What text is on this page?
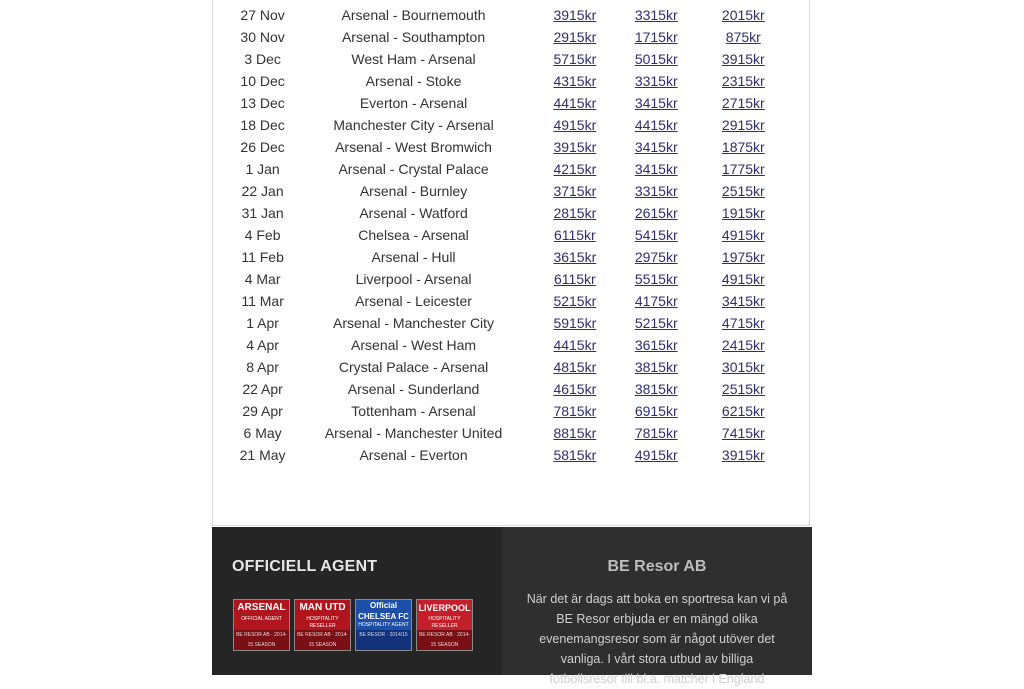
27 Nov	Arsenal - Bournemouth	3915kr	3315kr	2015kr
30 Nov	Arsenal - Southampton	2915kr	1715kr	875kr
3 Dec	West Ham - Arsenal	5715kr	5015kr	3915kr
10 Dec	Arsenal - Stoke	4315kr	3315kr	2315kr
13 Dec	Everton - Arsenal	4415kr	3415kr	2715kr
18 Dec	Manchester City - Arsenal	4915kr	4415kr	2915kr
26 Dec	Arsenal - West Bromwich	3915kr	3415kr	1875kr
1 Jan	Arsenal - Crystal Palace	4215kr	3415kr	1775kr
22 Jan	Arsenal - Burnley	3715kr	3315kr	2515kr
31 Jan	Arsenal - Watford	2815kr	2615kr	1915kr
4 Feb	Chelsea - Arsenal	6115kr	5415kr	4915kr
11 Feb	Arsenal - Hull	3615kr	2975kr	1975kr
4 Mar	Liverpool - Arsenal	6115kr	5515kr	4915kr
11 Mar	Arsenal - Leicester	5215kr	4175kr	3415kr
1 Apr	Arsenal - Manchester City	5915kr	5215kr	4715kr
4 Apr	Arsenal - West Ham	4415kr	3615kr	2415kr
8 Apr	Crystal Palace - Arsenal	4815kr	3815kr	3015kr
22 Apr	Arsenal - Sunderland	4615kr	3815kr	2515kr
29 Apr	Tottenham - Arsenal	7815kr	6915kr	6215kr
6 May	Arsenal - Manchester United	8815kr	7815kr	7415kr
21 May	Arsenal - Everton	5815kr	4915kr	3915kr
OFFICIELL AGENT
ARSENAL
OFFICIAL AGENT
BE RESOR AB · 2014-15 SEASON
MAN UTD
HOSPITALITY RESELLER
BE RESOR AB · 2014-15 SEASON
Official CHELSEA FC
HOSPITALITY AGENT
BE RESOR · 2014/15
LIVERPOOL
HOSPITALITY RESELLER
BE RESOR AB · 2014-15 SEASON
BE Resor AB
När det är dags att boka en sportresa kan vi på BE Resor erbjuda er en mängd olika evenemangsresor som är något utöver det vanliga. I vårt stora utbud av billiga fotbollsresor till bl.a. matcher i England
